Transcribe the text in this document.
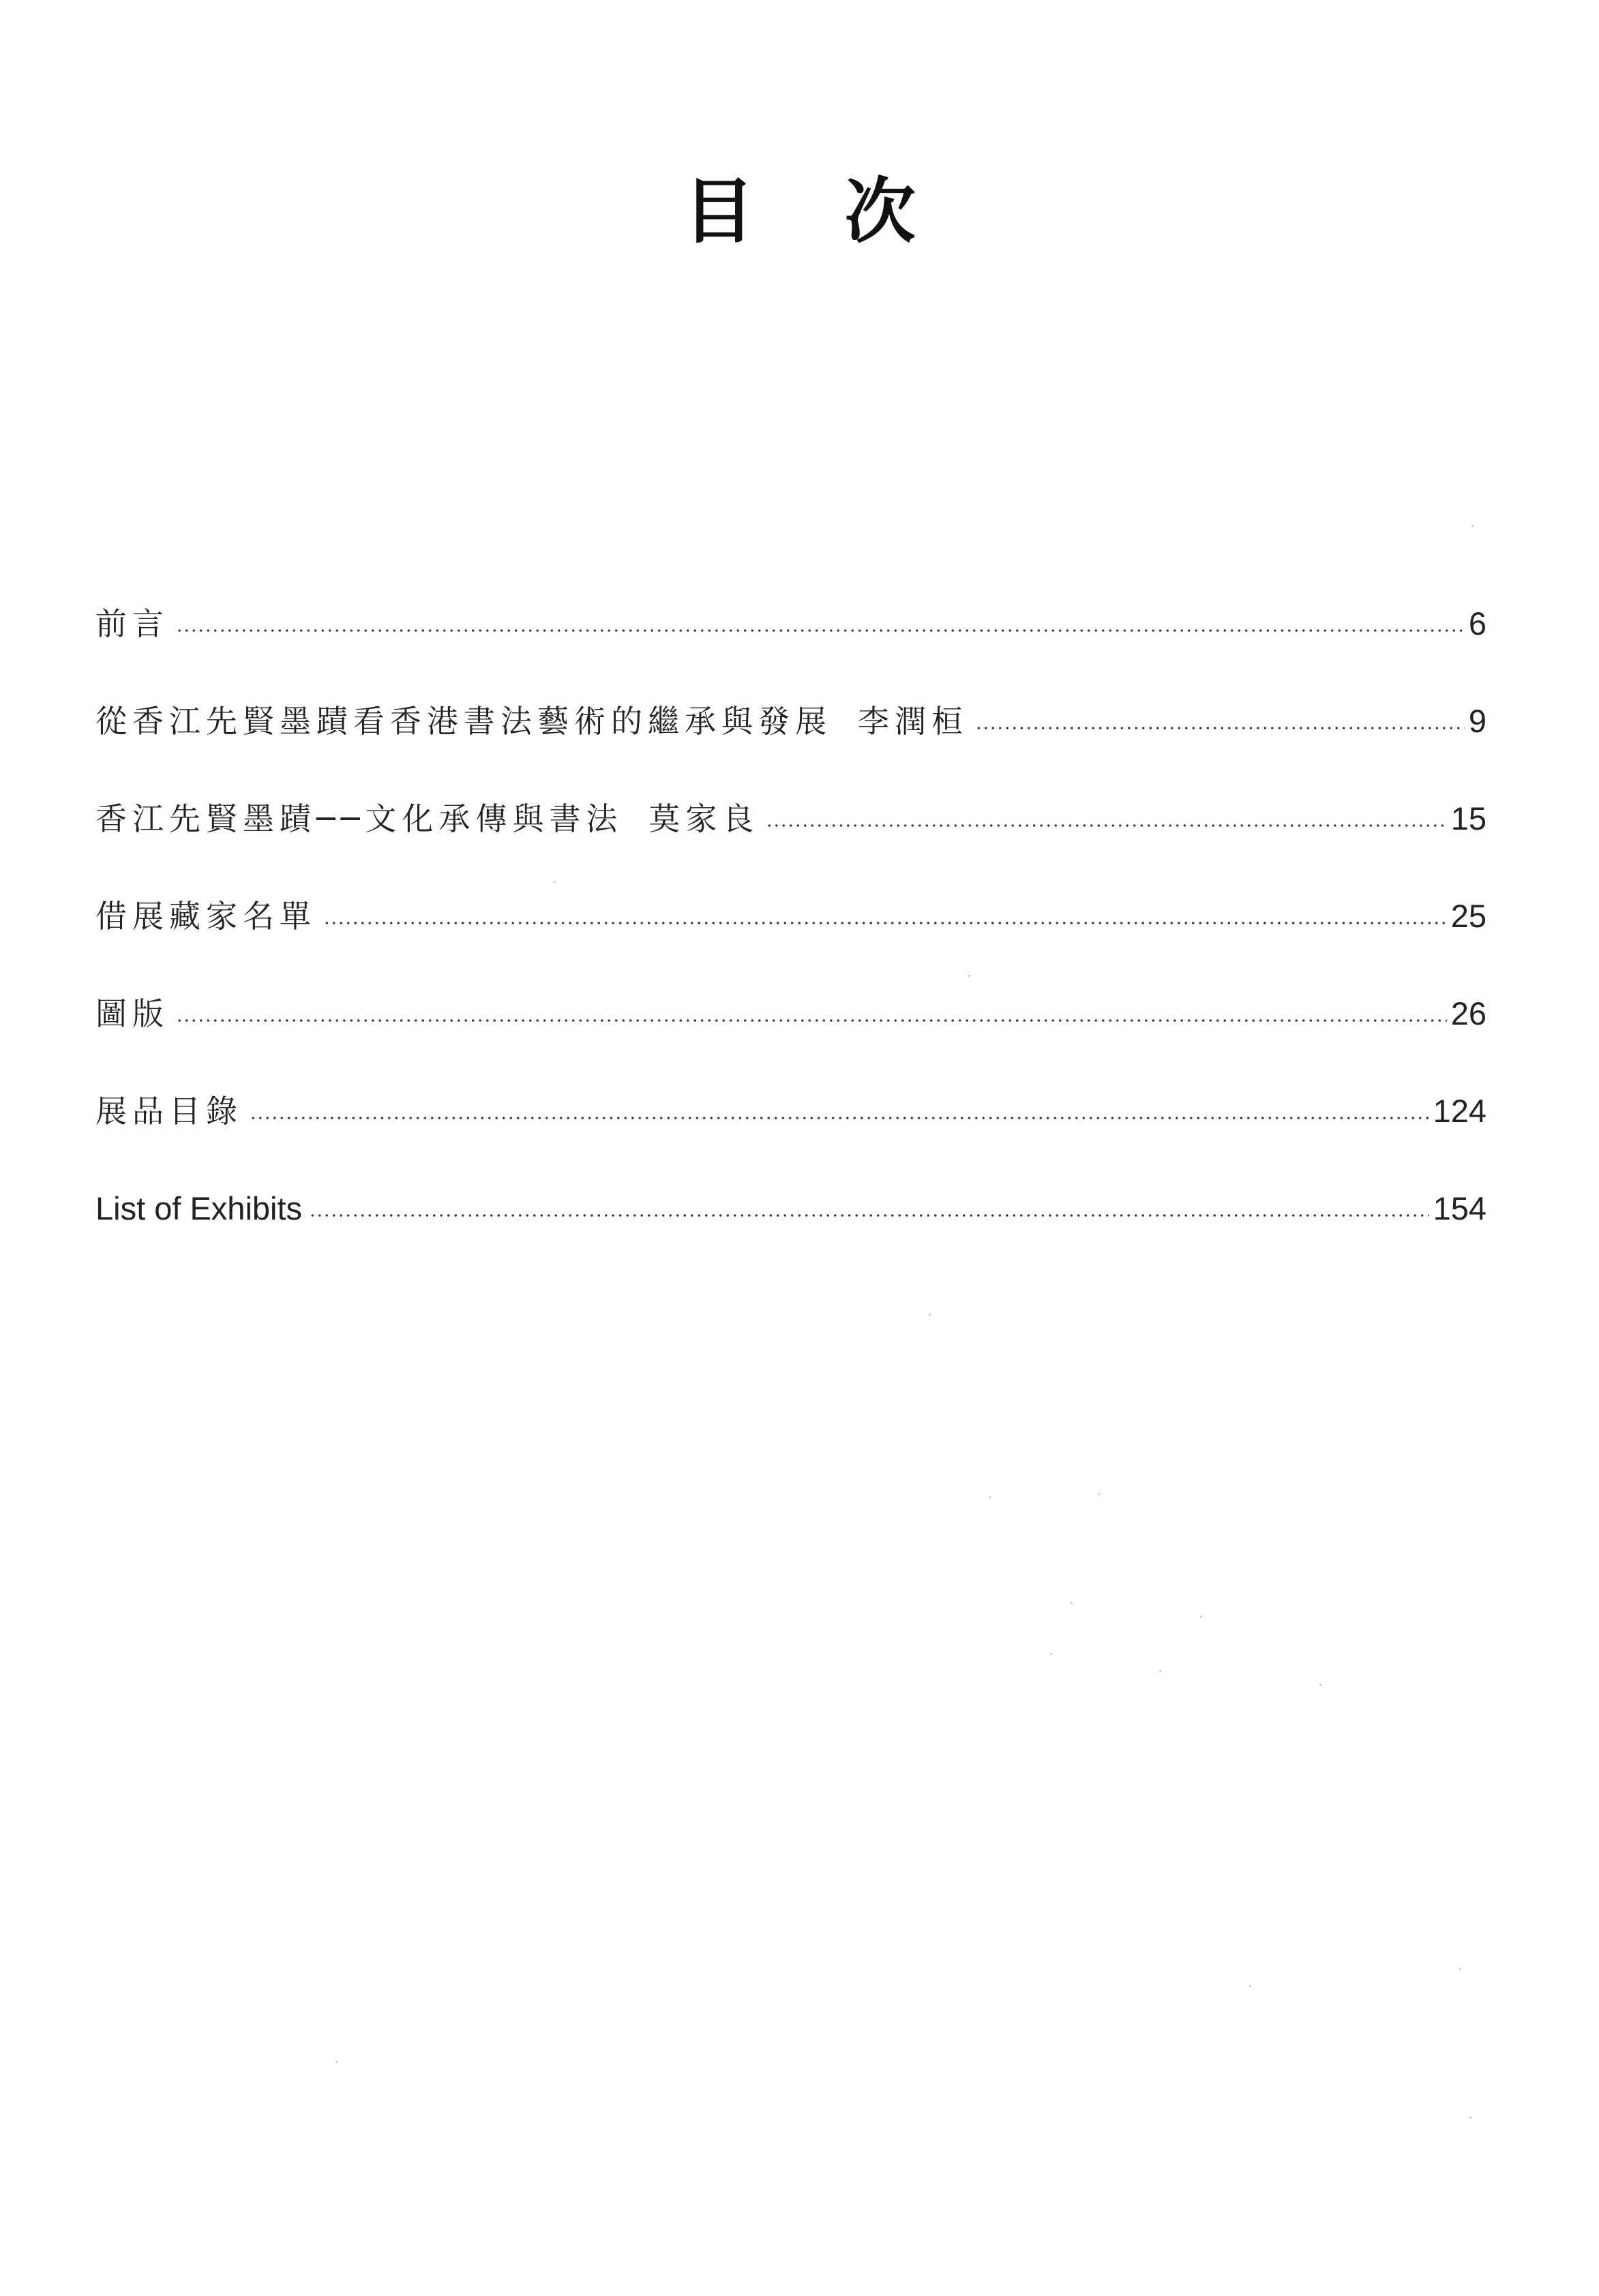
目 次
前言	6
從香江先賢墨蹟看香港書法藝術的繼承與發展 李潤桓	9
香江先賢墨蹟──文化承傳與書法 莫家良	15
借展藏家名單	25
圖版	26
展品目錄	124
List of Exhibits	154
